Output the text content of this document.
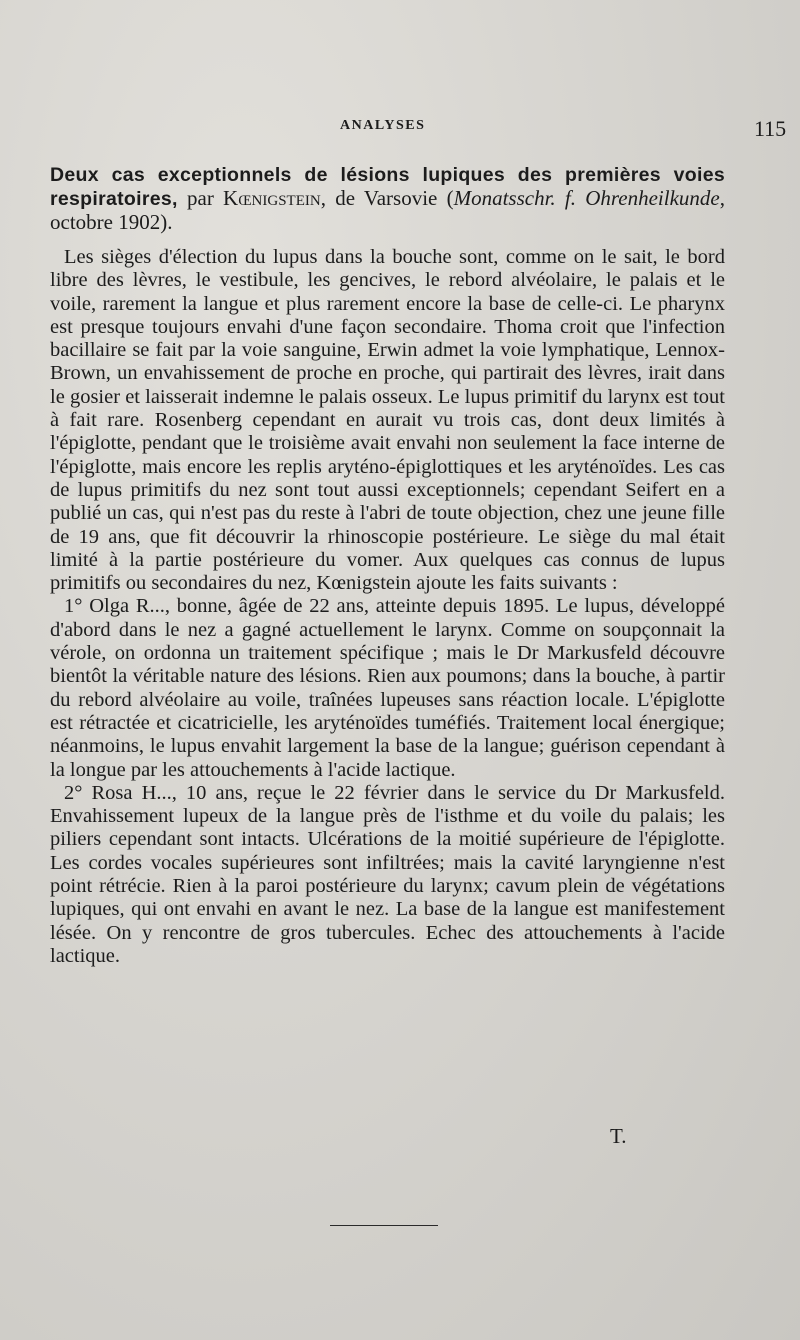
ANALYSES	115
Deux cas exceptionnels de lésions lupiques des premières voies respiratoires, par Kœnigstein, de Varsovie (Monatsschr. f. Ohrenheilkunde, octobre 1902).

Les sièges d'élection du lupus dans la bouche sont, comme on le sait, le bord libre des lèvres, le vestibule, les gencives, le rebord alvéolaire, le palais et le voile, rarement la langue et plus rarement encore la base de celle-ci. Le pharynx est presque toujours envahi d'une façon secondaire. Thoma croit que l'infection bacillaire se fait par la voie sanguine, Erwin admet la voie lymphatique, Lennox-Brown, un envahissement de proche en proche, qui partirait des lèvres, irait dans le gosier et laisserait indemne le palais osseux. Le lupus primitif du larynx est tout à fait rare. Rosenberg cependant en aurait vu trois cas, dont deux limités à l'épiglotte, pendant que le troisième avait envahi non seulement la face interne de l'épiglotte, mais encore les replis aryténo-épiglottiques et les aryténoïdes. Les cas de lupus primitifs du nez sont tout aussi exceptionnels; cependant Seifert en a publié un cas, qui n'est pas du reste à l'abri de toute objection, chez une jeune fille de 19 ans, que fit découvrir la rhinoscopie postérieure. Le siège du mal était limité à la partie postérieure du vomer. Aux quelques cas connus de lupus primitifs ou secondaires du nez, Kœnigstein ajoute les faits suivants :

1° Olga R..., bonne, âgée de 22 ans, atteinte depuis 1895. Le lupus, développé d'abord dans le nez a gagné actuellement le larynx. Comme on soupçonnait la vérole, on ordonna un traitement spécifique ; mais le Dr Markusfeld découvre bientôt la véritable nature des lésions. Rien aux poumons; dans la bouche, à partir du rebord alvéolaire au voile, traînées lupeuses sans réaction locale. L'épiglotte est rétractée et cicatricielle, les aryténoïdes tuméfiés. Traitement local énergique; néanmoins, le lupus envahit largement la base de la langue; guérison cependant à la longue par les attouchements à l'acide lactique.

2° Rosa H..., 10 ans, reçue le 22 février dans le service du Dr Markusfeld. Envahissement lupeux de la langue près de l'isthme et du voile du palais; les piliers cependant sont intacts. Ulcérations de la moitié supérieure de l'épiglotte. Les cordes vocales supérieures sont infiltrées; mais la cavité laryngienne n'est point rétrécie. Rien à la paroi postérieure du larynx; cavum plein de végétations lupiques, qui ont envahi en avant le nez. La base de la langue est manifestement lésée. On y rencontre de gros tubercules. Echec des attouchements à l'acide lactique.

T.
